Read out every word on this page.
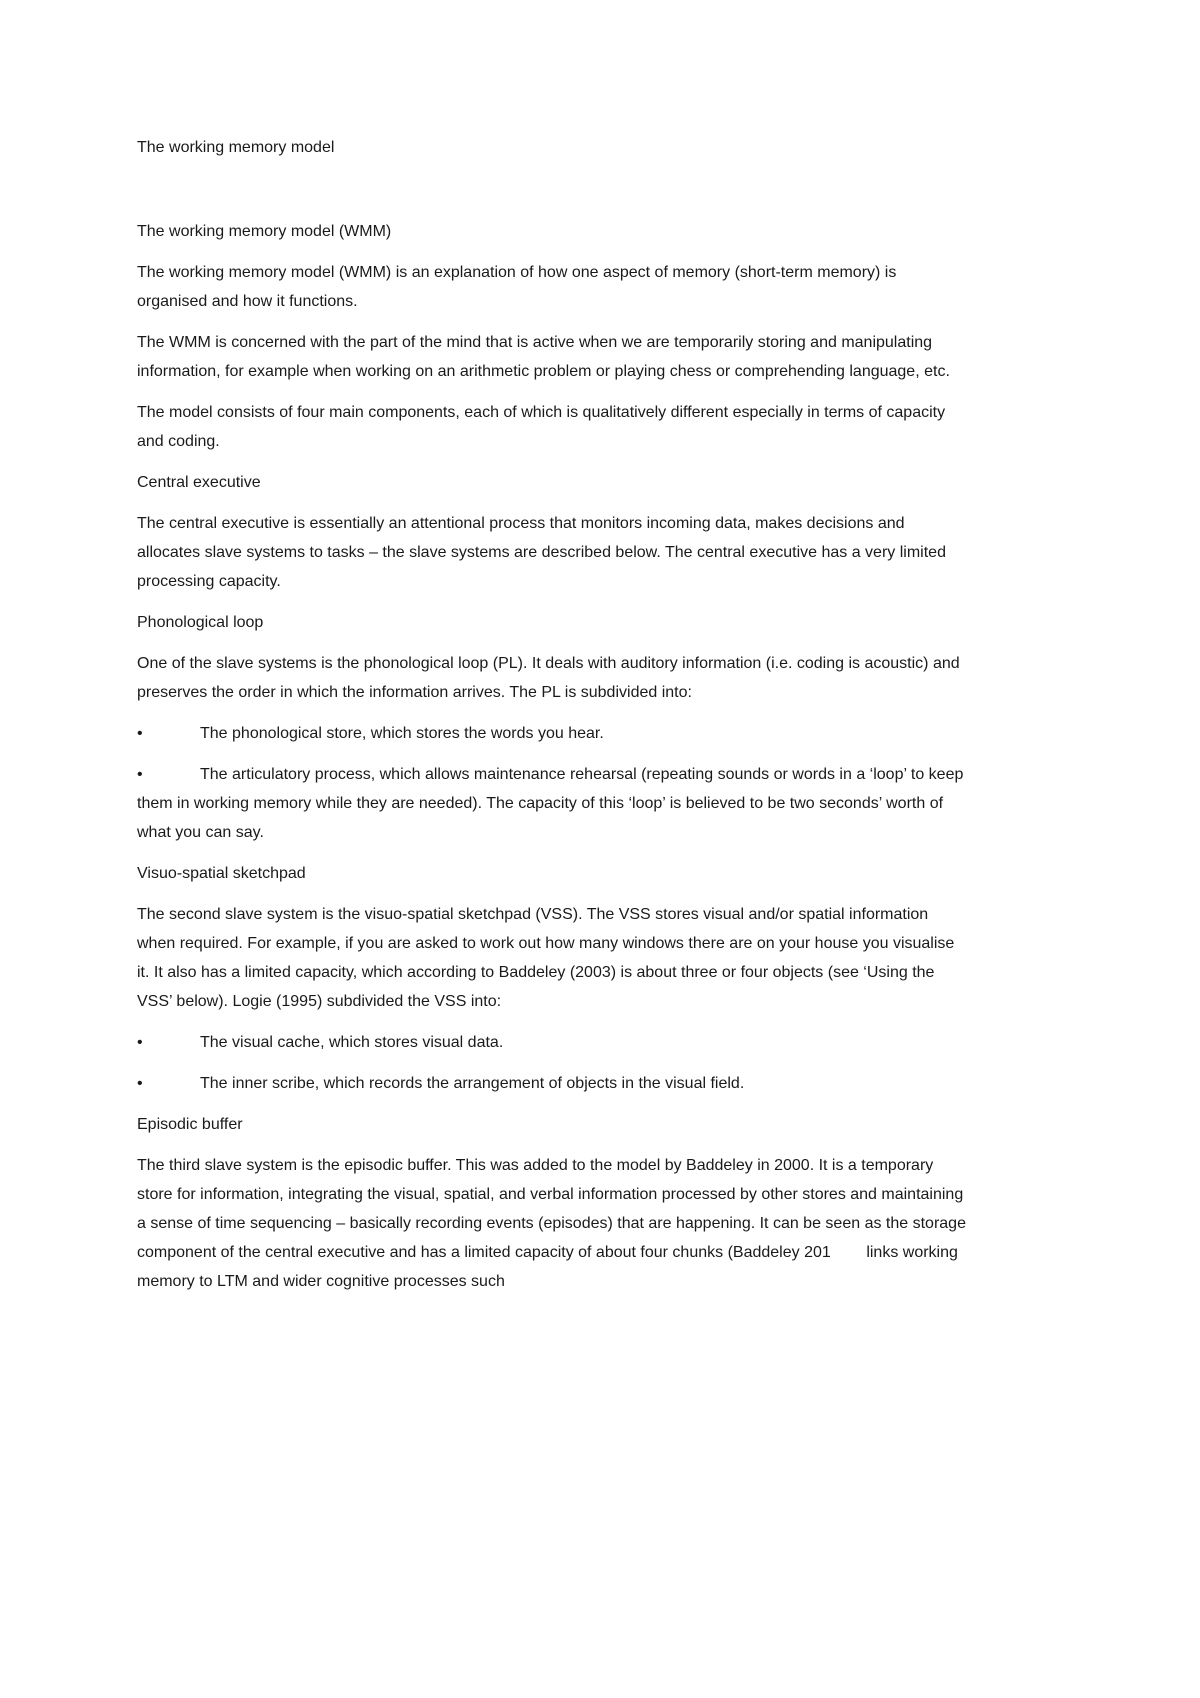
The working memory model

The working memory model (WMM)

The working memory model (WMM) is an explanation of how one aspect of memory (short-term memory) is organised and how it functions.

The WMM is concerned with the part of the mind that is active when we are temporarily storing and manipulating information, for example when working on an arithmetic problem or playing chess or comprehending language, etc.

The model consists of four main components, each of which is qualitatively different especially in terms of capacity and coding.

Central executive

The central executive is essentially an attentional process that monitors incoming data, makes decisions and allocates slave systems to tasks – the slave systems are described below. The central executive has a very limited processing capacity.

Phonological loop

One of the slave systems is the phonological loop (PL). It deals with auditory information (i.e. coding is acoustic) and preserves the order in which the information arrives. The PL is subdivided into:

•	The phonological store, which stores the words you hear.

•	The articulatory process, which allows maintenance rehearsal (repeating sounds or words in a ‘loop’ to keep them in working memory while they are needed). The capacity of this ‘loop’ is believed to be two seconds’ worth of what you can say.

Visuo-spatial sketchpad

The second slave system is the visuo-spatial sketchpad (VSS). The VSS stores visual and/or spatial information when required. For example, if you are asked to work out how many windows there are on your house you visualise it. It also has a limited capacity, which according to Baddeley (2003) is about three or four objects (see ‘Using the VSS’ below). Logie (1995) subdivided the VSS into:

•	The visual cache, which stores visual data.

•	The inner scribe, which records the arrangement of objects in the visual field.

Episodic buffer

The third slave system is the episodic buffer. This was added to the model by Baddeley in 2000. It is a temporary store for information, integrating the visual, spatial, and verbal information processed by other stores and maintaining a sense of time sequencing – basically recording events (episodes) that are happening. It can be seen as the storage component of the central executive and has a limited capacity of about four chunks (Baddeley 201        links working memory to LTM and wider cognitive processes such
